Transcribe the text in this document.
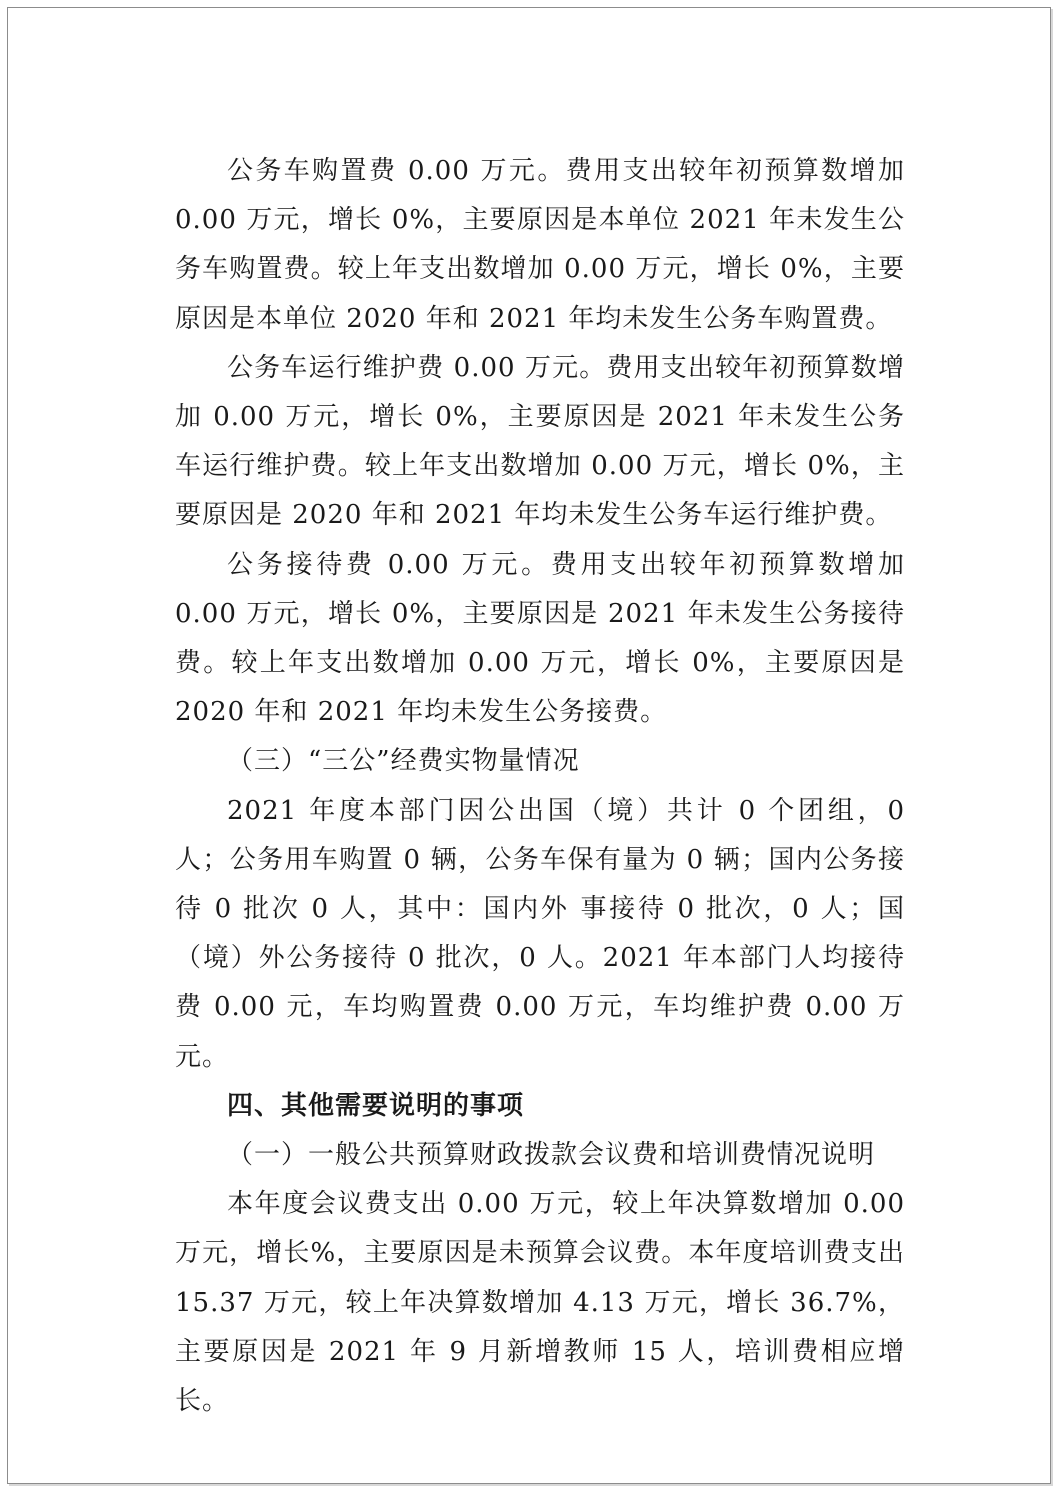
公务车购置费 0.00 万元。费用支出较年初预算数增加 0.00 万元，增长 0%，主要原因是本单位 2021 年未发生公务车购置费。较上年支出数增加 0.00 万元，增长 0%，主要原因是本单位 2020 年和 2021 年均未发生公务车购置费。

公务车运行维护费 0.00 万元。费用支出较年初预算数增加 0.00 万元，增长 0%，主要原因是 2021 年未发生公务车运行维护费。较上年支出数增加 0.00 万元，增长 0%，主要原因是 2020 年和 2021 年均未发生公务车运行维护费。

公务接待费 0.00 万元。费用支出较年初预算数增加 0.00 万元，增长 0%，主要原因是 2021 年未发生公务接待费。较上年支出数增加 0.00 万元，增长 0%，主要原因是 2020 年和 2021 年均未发生公务接费。

（三）“三公”经费实物量情况

2021 年度本部门因公出国（境）共计 0 个团组，0 人；公务用车购置 0 辆，公务车保有量为 0 辆；国内公务接待 0 批次 0 人，其中：国内外 事接待 0 批次，0 人；国（境）外公务接待 0 批次，0 人。2021 年本部门人均接待费 0.00 元，车均购置费 0.00 万元，车均维护费 0.00 万元。

四、其他需要说明的事项

（一）一般公共预算财政拨款会议费和培训费情况说明

本年度会议费支出 0.00 万元，较上年决算数增加 0.00 万元，增长%，主要原因是未预算会议费。本年度培训费支出 15.37 万元，较上年决算数增加 4.13 万元，增长 36.7%，主要原因是 2021 年 9 月新增教师 15 人，培训费相应增长。
